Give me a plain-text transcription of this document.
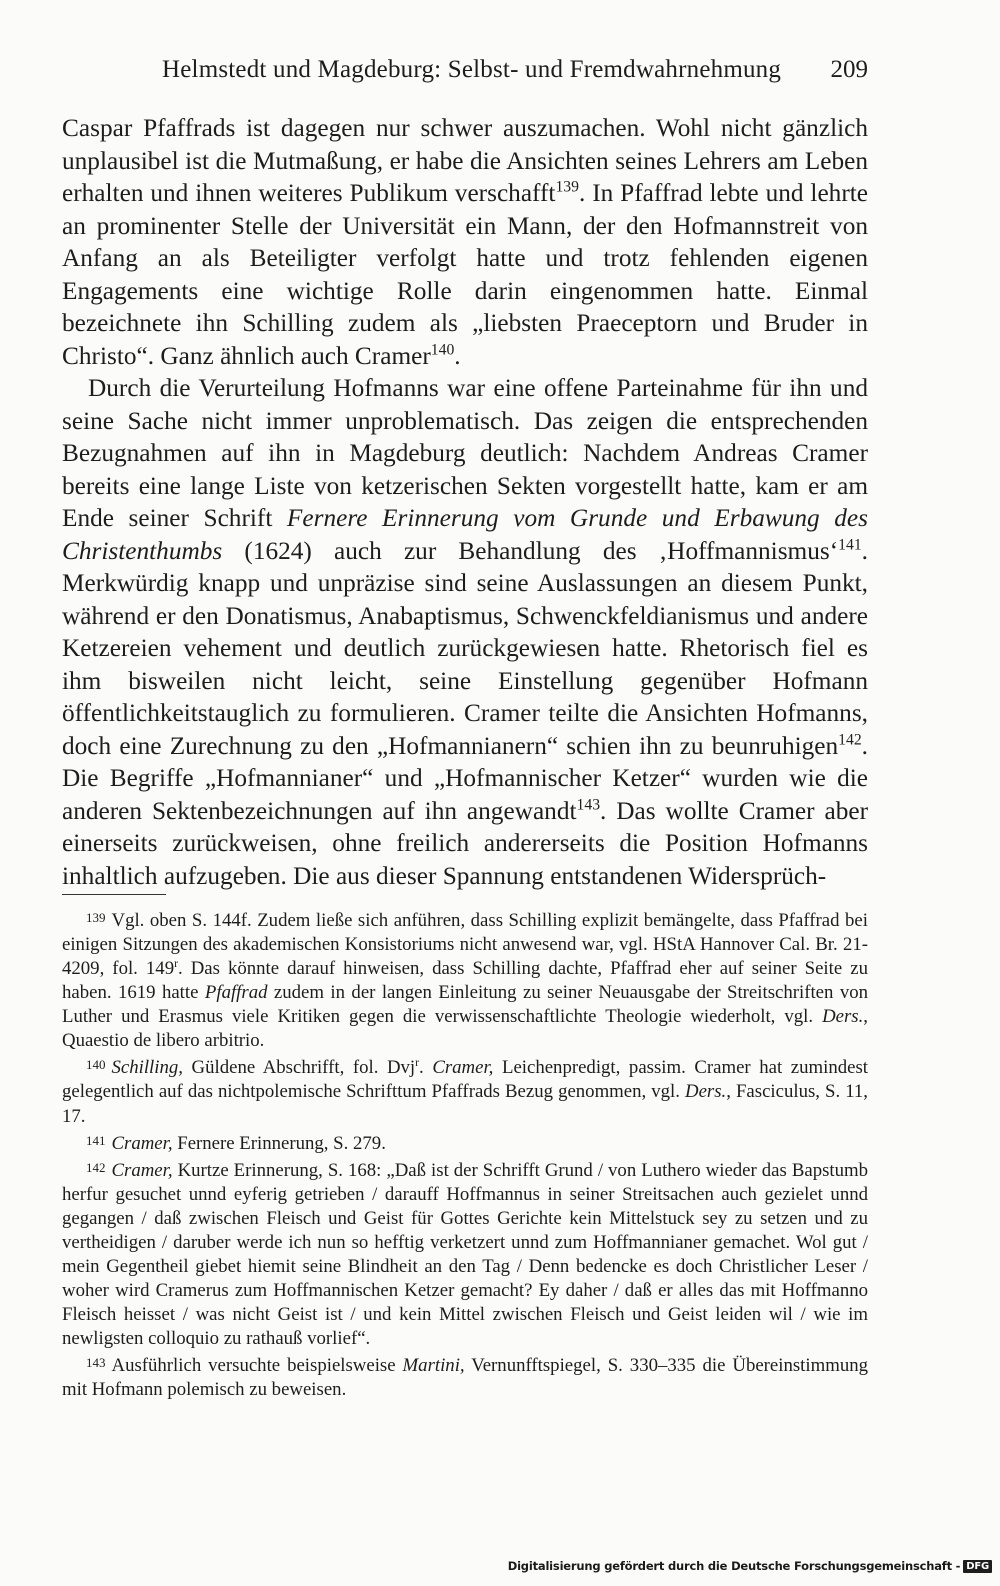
Helmstedt und Magdeburg: Selbst- und Fremdwahrnehmung 209

Caspar Pfaffrads ist dagegen nur schwer auszumachen. Wohl nicht gänzlich unplausibel ist die Mutmaßung, er habe die Ansichten seines Lehrers am Leben erhalten und ihnen weiteres Publikum verschafft$^{139}$. In Pfaffrad lebte und lehrte an prominenter Stelle der Universität ein Mann, der den Hofmannstreit von Anfang an als Beteiligter verfolgt hatte und trotz fehlenden eigenen Engagements eine wichtige Rolle darin eingenommen hatte. Einmal bezeichnete ihn Schilling zudem als „liebsten Praeceptorn und Bruder in Christo“. Ganz ähnlich auch Cramer$^{140}$.

Durch die Verurteilung Hofmanns war eine offene Parteinahme für ihn und seine Sache nicht immer unproblematisch. Das zeigen die entsprechenden Bezugnahmen auf ihn in Magdeburg deutlich: Nachdem Andreas Cramer bereits eine lange Liste von ketzerischen Sekten vorgestellt hatte, kam er am Ende seiner Schrift Fernere Erinnerung vom Grunde und Erbawung des Christenthumbs (1624) auch zur Behandlung des ‚Hoffmannismus‘$^{141}$. Merkwürdig knapp und unpräzise sind seine Auslassungen an diesem Punkt, während er den Donatismus, Anabaptismus, Schwenckfeldianismus und andere Ketzereien vehement und deutlich zurückgewiesen hatte. Rhetorisch fiel es ihm bisweilen nicht leicht, seine Einstellung gegenüber Hofmann öffentlichkeitstauglich zu formulieren. Cramer teilte die Ansichten Hofmanns, doch eine Zurechnung zu den „Hofmannianern“ schien ihn zu beunruhigen$^{142}$. Die Begriffe „Hofmannianer“ und „Hofmannischer Ketzer“ wurden wie die anderen Sektenbezeichnungen auf ihn angewandt$^{143}$. Das wollte Cramer aber einerseits zurückweisen, ohne freilich andererseits die Position Hofmanns inhaltlich aufzugeben. Die aus dieser Spannung entstandenen Widersprüch-

$^{139}$ Vgl. oben S. 144f. Zudem ließe sich anführen, dass Schilling explizit bemängelte, dass Pfaffrad bei einigen Sitzungen des akademischen Konsistoriums nicht anwesend war, vgl. HStA Hannover Cal. Br. 21-4209, fol. 149$^r$. Das könnte darauf hinweisen, dass Schilling dachte, Pfaffrad eher auf seiner Seite zu haben. 1619 hatte Pfaffrad zudem in der langen Einleitung zu seiner Neuausgabe der Streitschriften von Luther und Erasmus viele Kritiken gegen die verwissenschaftlichte Theologie wiederholt, vgl. Ders., Quaestio de libero arbitrio.

$^{140}$ Schilling, Güldene Abschrifft, fol. Dvj$^r$. Cramer, Leichenpredigt, passim. Cramer hat zumindest gelegentlich auf das nichtpolemische Schrifttum Pfaffrads Bezug genommen, vgl. Ders., Fasciculus, S. 11, 17.

$^{141}$ Cramer, Fernere Erinnerung, S. 279.

$^{142}$ Cramer, Kurtze Erinnerung, S. 168: „Daß ist der Schrifft Grund / von Luthero wieder das Bapstumb herfur gesuchet unnd eyferig getrieben / darauff Hoffmannus in seiner Streitsachen auch gezielet unnd gegangen / daß zwischen Fleisch und Geist für Gottes Gerichte kein Mittelstuck sey zu setzen und zu vertheidigen / daruber werde ich nun so hefftig verketzert unnd zum Hoffmannianer gemachet. Wol gut / mein Gegentheil giebet hiemit seine Blindheit an den Tag / Denn bedencke es doch Christlicher Leser / woher wird Cramerus zum Hoffmannischen Ketzer gemacht? Ey daher / daß er alles das mit Hoffmanno Fleisch heisset / was nicht Geist ist / und kein Mittel zwischen Fleisch und Geist leiden wil / wie im newligsten colloquio zu rathauß vorlief“.

$^{143}$ Ausführlich versuchte beispielsweise Martini, Vernunfftspiegel, S. 330–335 die Übereinstimmung mit Hofmann polemisch zu beweisen.

Digitalisierung gefördert durch die Deutsche Forschungsgemeinschaft - DFG
